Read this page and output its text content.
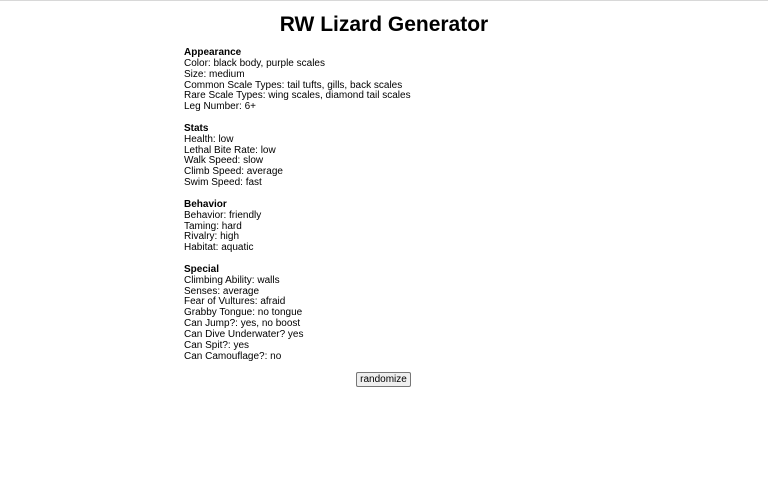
RW Lizard Generator
Appearance
Color: black body, purple scales
Size: medium
Common Scale Types: tail tufts, gills, back scales
Rare Scale Types: wing scales, diamond tail scales
Leg Number: 6+
Stats
Health: low
Lethal Bite Rate: low
Walk Speed: slow
Climb Speed: average
Swim Speed: fast
Behavior
Behavior: friendly
Taming: hard
Rivalry: high
Habitat: aquatic
Special
Climbing Ability: walls
Senses: average
Fear of Vultures: afraid
Grabby Tongue: no tongue
Can Jump?: yes, no boost
Can Dive Underwater? yes
Can Spit?: yes
Can Camouflage?: no
randomize
